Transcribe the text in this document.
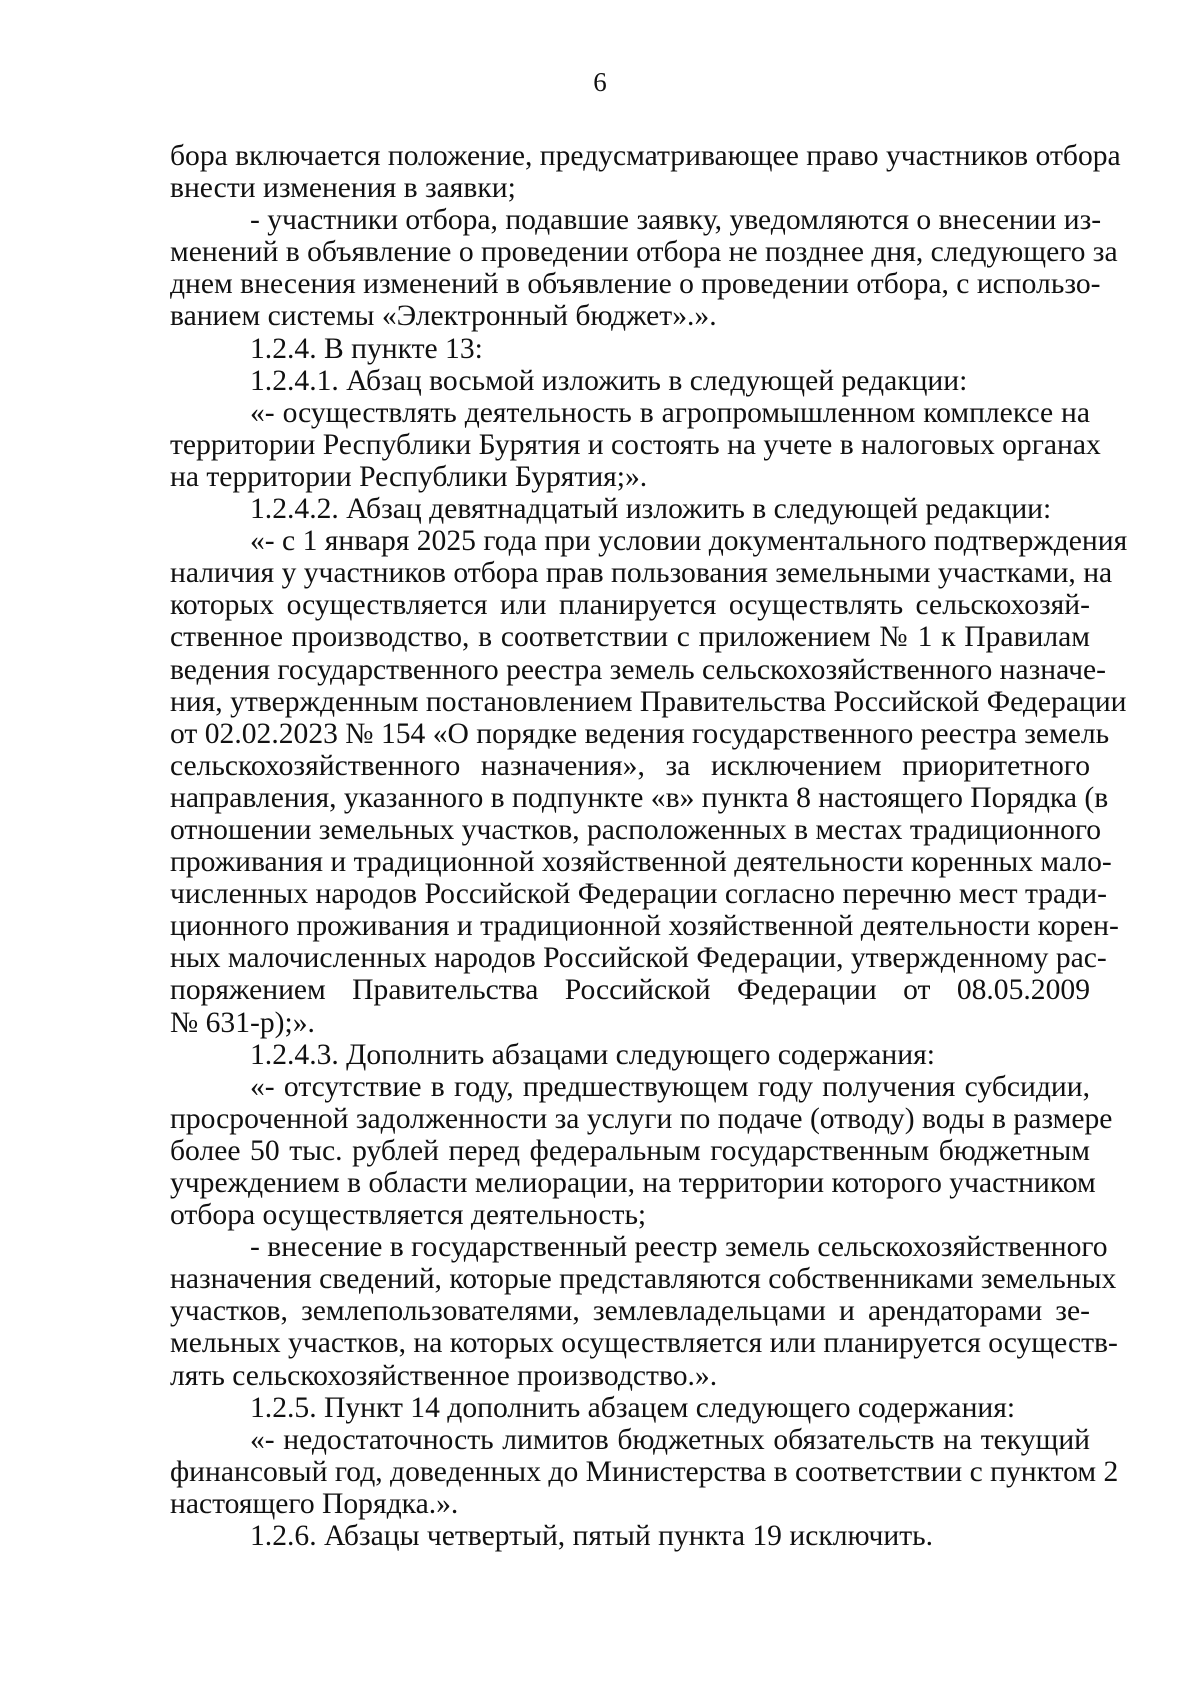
6
бора включается положение, предусматривающее право участников отбора
внести изменения в заявки;
- участники отбора, подавшие заявку, уведомляются о внесении из-
менений в объявление о проведении отбора не позднее дня, следующего за
днем внесения изменений в объявление о проведении отбора, с использо-
ванием системы «Электронный бюджет».».
1.2.4. В пункте 13:
1.2.4.1. Абзац восьмой изложить в следующей редакции:
«- осуществлять деятельность в агропромышленном комплексе на
территории Республики Бурятия и состоять на учете в налоговых органах
на территории Республики Бурятия;».
1.2.4.2. Абзац девятнадцатый изложить в следующей редакции:
«- с 1 января 2025 года при условии документального подтверждения
наличия у участников отбора прав пользования земельными участками, на
которых осуществляется или планируется осуществлять сельскохозяй-
ственное производство, в соответствии с приложением № 1 к Правилам
ведения государственного реестра земель сельскохозяйственного назначе-
ния, утвержденным постановлением Правительства Российской Федерации
от 02.02.2023 № 154 «О порядке ведения государственного реестра земель
сельскохозяйственного назначения», за исключением приоритетного
направления, указанного в подпункте «в» пункта 8 настоящего Порядка (в
отношении земельных участков, расположенных в местах традиционного
проживания и традиционной хозяйственной деятельности коренных мало-
численных народов Российской Федерации согласно перечню мест тради-
ционного проживания и традиционной хозяйственной деятельности корен-
ных малочисленных народов Российской Федерации, утвержденному рас-
поряжением Правительства Российской Федерации от 08.05.2009
№ 631-р);».
1.2.4.3. Дополнить абзацами следующего содержания:
«- отсутствие в году, предшествующем году получения субсидии,
просроченной задолженности за услуги по подаче (отводу) воды в размере
более 50 тыс. рублей перед федеральным государственным бюджетным
учреждением в области мелиорации, на территории которого участником
отбора осуществляется деятельность;
- внесение в государственный реестр земель сельскохозяйственного
назначения сведений, которые представляются собственниками земельных
участков, землепользователями, землевладельцами и арендаторами зе-
мельных участков, на которых осуществляется или планируется осуществ-
лять сельскохозяйственное производство.».
1.2.5. Пункт 14 дополнить абзацем следующего содержания:
«- недостаточность лимитов бюджетных обязательств на текущий
финансовый год, доведенных до Министерства в соответствии с пунктом 2
настоящего Порядка.».
1.2.6. Абзацы четвертый, пятый пункта 19 исключить.
